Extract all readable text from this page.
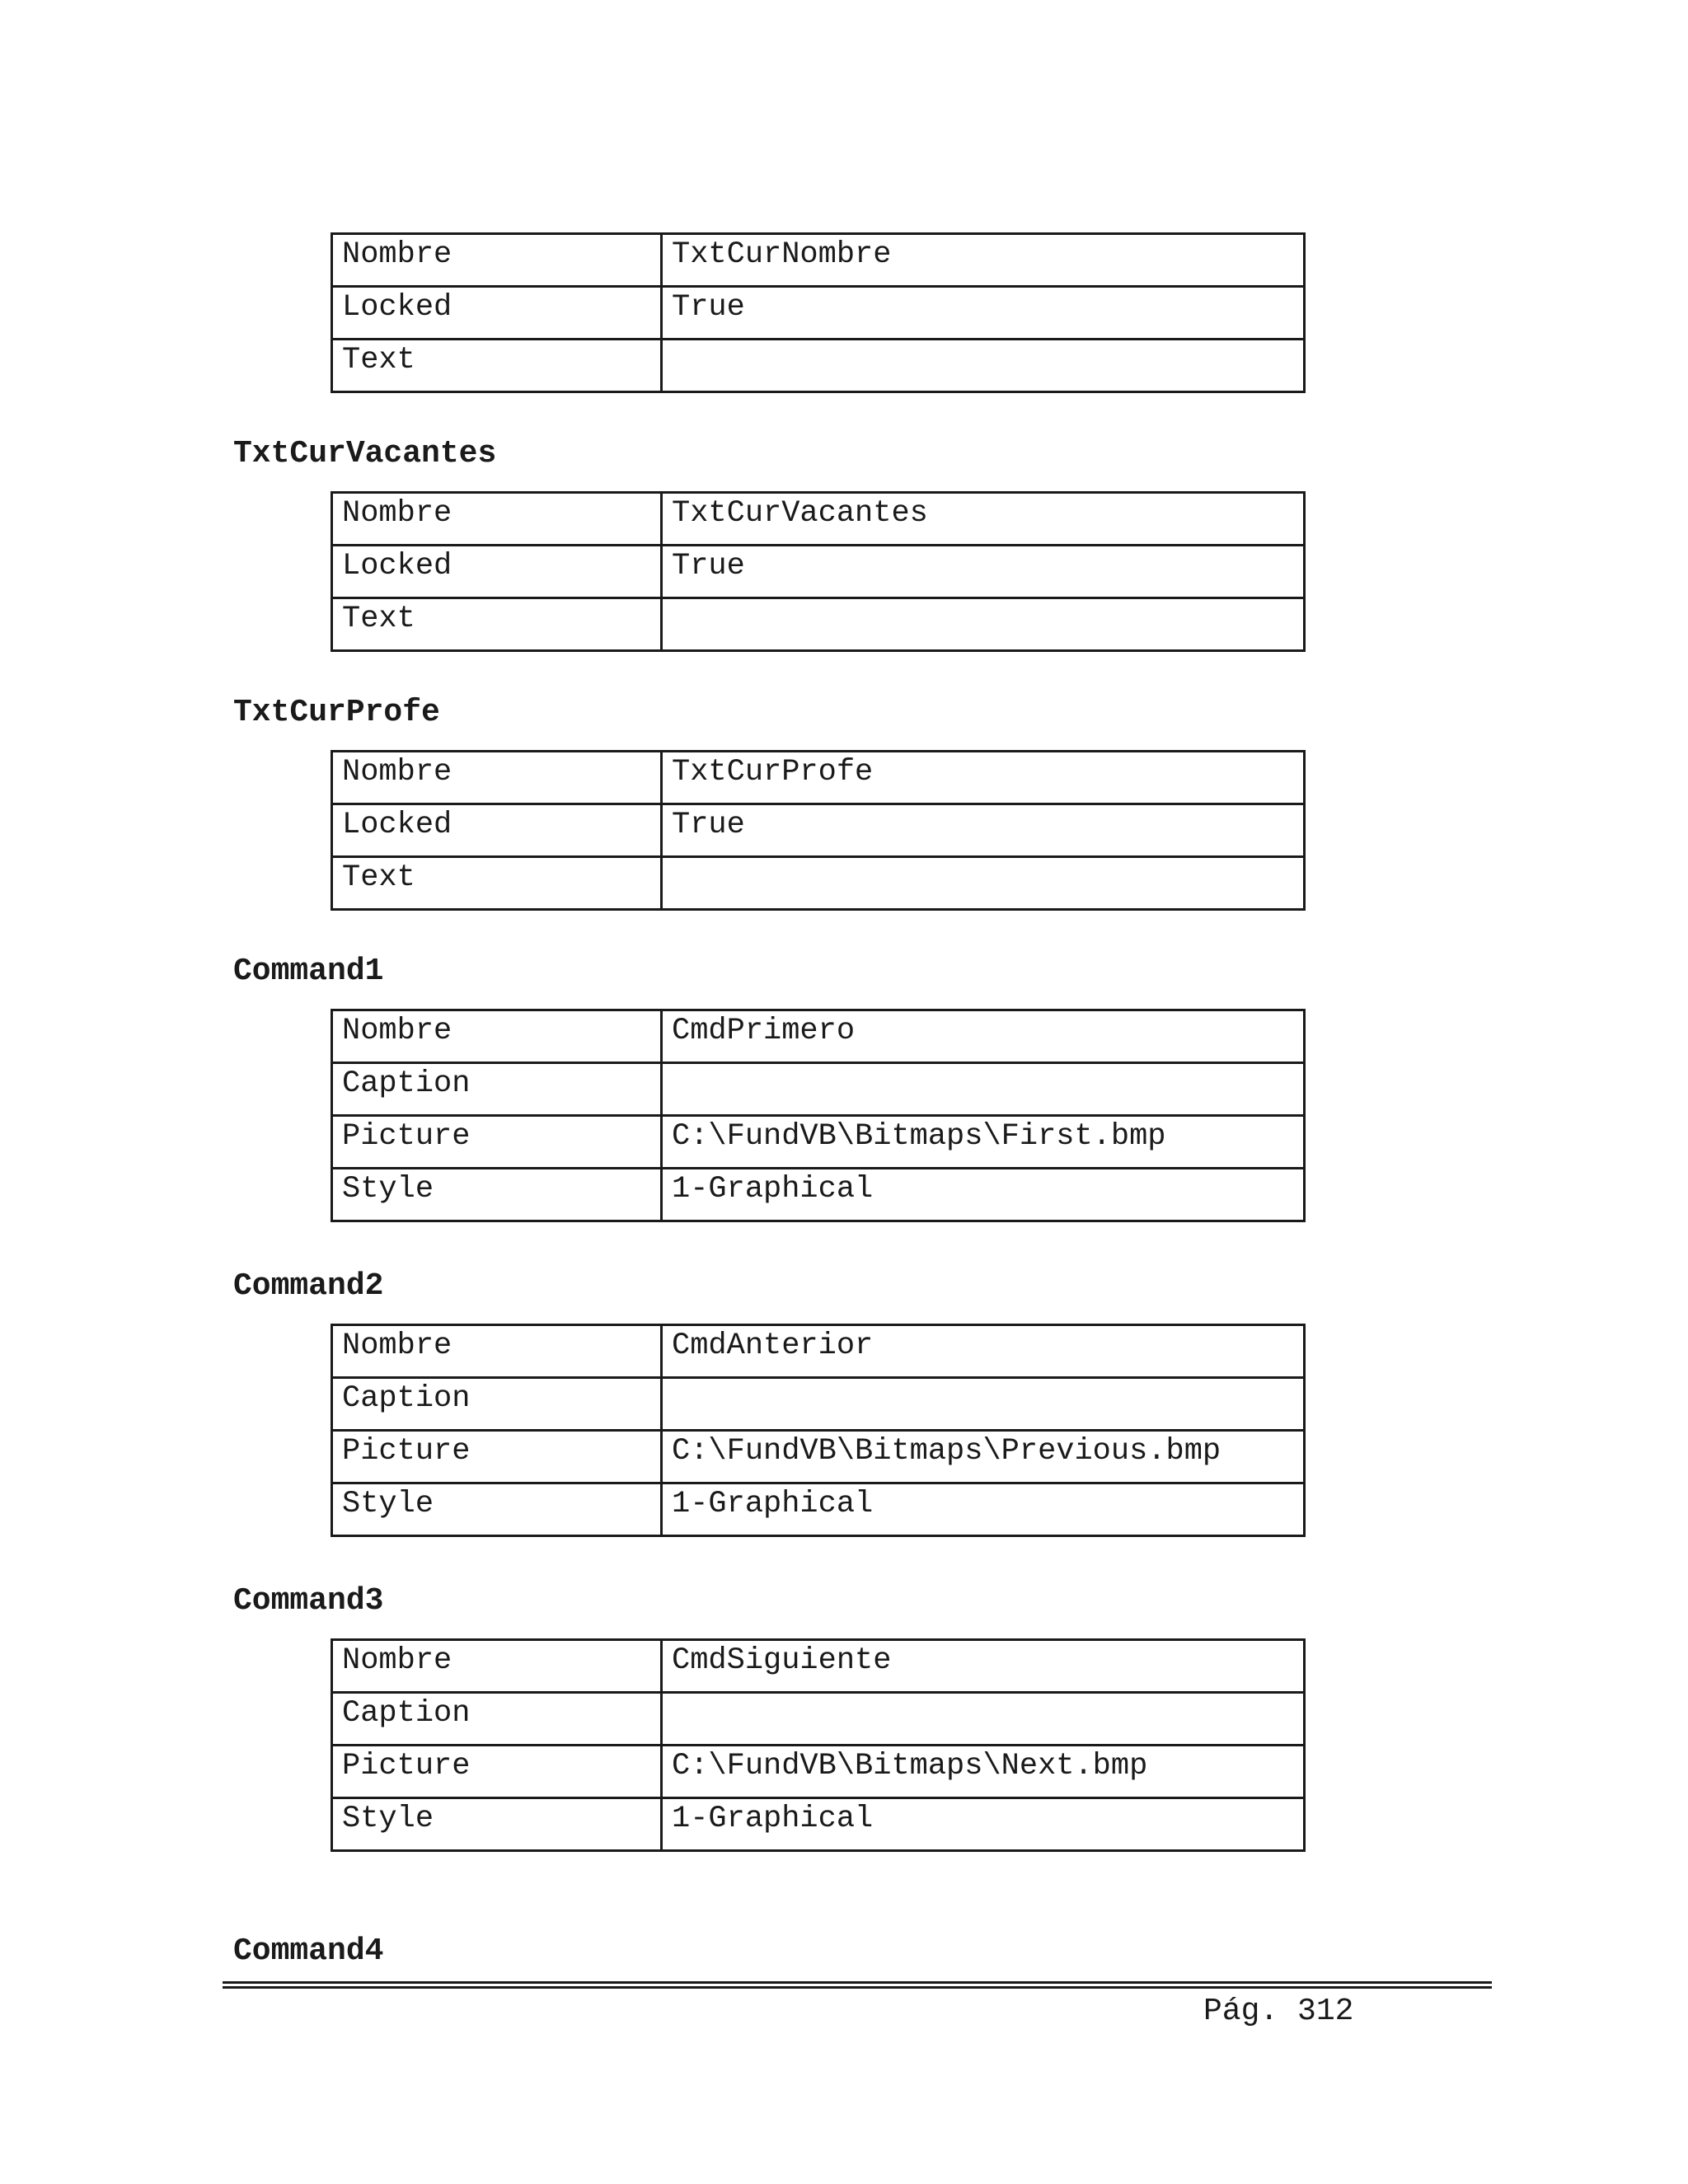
Nombre	TxtCurNombre
Locked	True
Text	
TxtCurVacantes
Nombre	TxtCurVacantes
Locked	True
Text	
TxtCurProfe
Nombre	TxtCurProfe
Locked	True
Text	
Command1
Nombre	CmdPrimero
Caption	
Picture	C:\FundVB\Bitmaps\First.bmp
Style	1-Graphical
Command2
Nombre	CmdAnterior
Caption	
Picture	C:\FundVB\Bitmaps\Previous.bmp
Style	1-Graphical
Command3
Nombre	CmdSiguiente
Caption	
Picture	C:\FundVB\Bitmaps\Next.bmp
Style	1-Graphical
Command4
Pág. 312
